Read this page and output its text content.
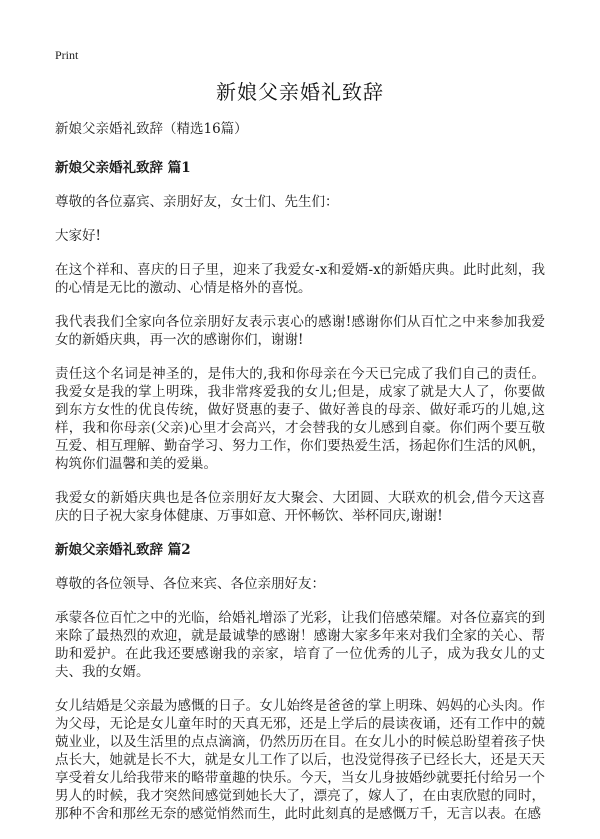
Print
新娘父亲婚礼致辞

新娘父亲婚礼致辞（精选16篇）

新娘父亲婚礼致辞 篇1

尊敬的各位嘉宾、亲朋好友，女士们、先生们：

大家好!

在这个祥和、喜庆的日子里，迎来了我爱女-x和爱婿-x的新婚庆典。此时此刻，我的心情是无比的激动、心情是格外的喜悦。

我代表我们全家向各位亲朋好友表示衷心的感谢!感谢你们从百忙之中来参加我爱女的新婚庆典，再一次的感谢你们，谢谢!

责任这个名词是神圣的，是伟大的,我和你母亲在今天已完成了我们自己的责任。我爱女是我的掌上明珠，我非常疼爱我的女儿;但是，成家了就是大人了，你要做到东方女性的优良传统，做好贤惠的妻子、做好善良的母亲、做好乖巧的儿媳,这样，我和你母亲(父亲)心里才会高兴，才会替我的女儿感到自豪。你们两个要互敬互爱、相互理解、勤奋学习、努力工作，你们要热爱生活，扬起你们生活的风帆，构筑你们温馨和美的爱巢。

我爱女的新婚庆典也是各位亲朋好友大聚会、大团圆、大联欢的机会,借今天这喜庆的日子祝大家身体健康、万事如意、开怀畅饮、举杯同庆,谢谢!

新娘父亲婚礼致辞 篇2

尊敬的各位领导、各位来宾、各位亲朋好友：

承蒙各位百忙之中的光临，给婚礼增添了光彩，让我们倍感荣耀。对各位嘉宾的到来除了最热烈的欢迎，就是最诚挚的感谢！感谢大家多年来对我们全家的关心、帮助和爱护。在此我还要感谢我的亲家，培育了一位优秀的儿子，成为我女儿的丈夫、我的女婿。

女儿结婚是父亲最为感慨的日子。女儿始终是爸爸的掌上明珠、妈妈的心头肉。作为父母，无论是女儿童年时的天真无邪，还是上学后的晨读夜诵，还有工作中的兢兢业业，以及生活里的点点滴滴，仍然历历在目。在女儿小的时候总盼望着孩子快点长大，她就是长不大，就是女儿工作了以后，也没觉得孩子已经长大，还是天天享受着女儿给我带来的略带童趣的快乐。今天，当女儿身披婚纱就要托付给另一个男人的时候，我才突然间感觉到她长大了，漂亮了，嫁人了，在由衷欣慰的同时，那种不舍和那丝无奈的感觉悄然而生，此时此刻真的是感慨万千，无言以表。在感
